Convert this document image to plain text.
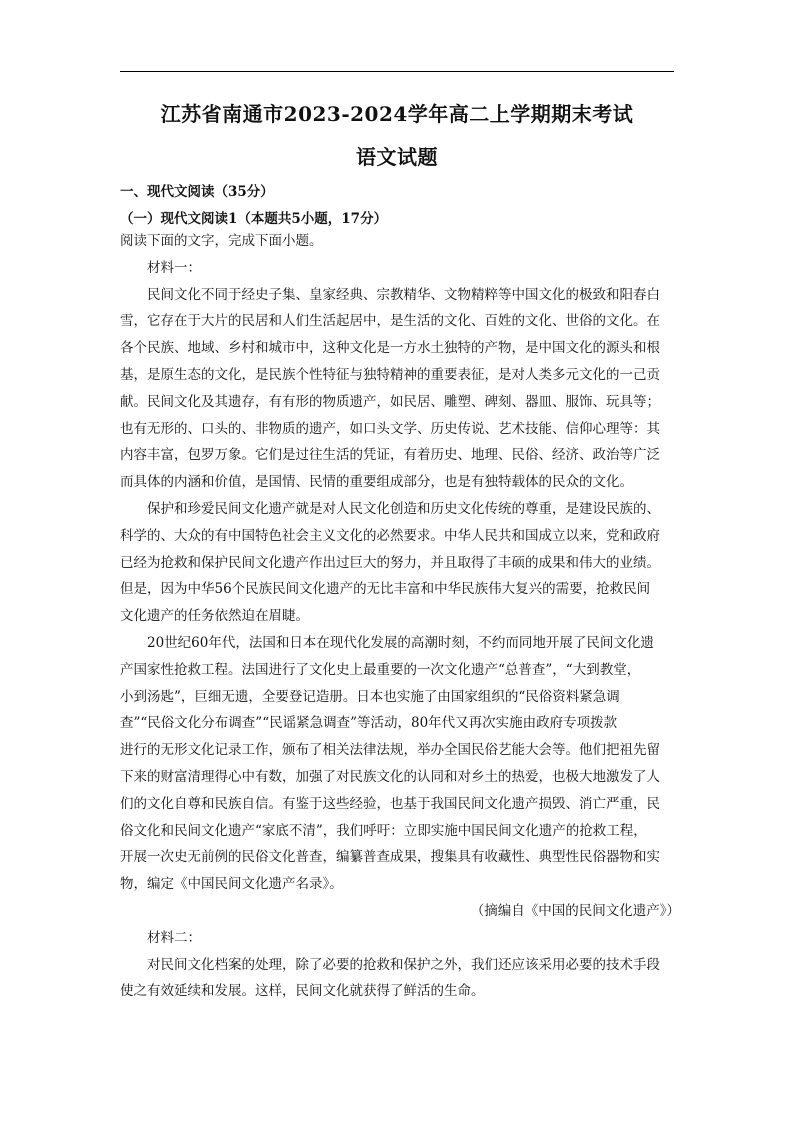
江苏省南通市2023-2024学年高二上学期期末考试
语文试题
一、现代文阅读（35分）
（一）现代文阅读1（本题共5小题，17分）
阅读下面的文字，完成下面小题。
材料一：
民间文化不同于经史子集、皇家经典、宗教精华、文物精粹等中国文化的极致和阳春白
雪，它存在于大片的民居和人们生活起居中，是生活的文化、百姓的文化、世俗的文化。在
各个民族、地域、乡村和城市中，这种文化是一方水土独特的产物，是中国文化的源头和根
基，是原生态的文化，是民族个性特征与独特精神的重要表征，是对人类多元文化的一己贡
献。民间文化及其遗存，有有形的物质遗产，如民居、雕塑、碑刻、器皿、服饰、玩具等；
也有无形的、口头的、非物质的遗产，如口头文学、历史传说、艺术技能、信仰心理等：其
内容丰富，包罗万象。它们是过往生活的凭证，有着历史、地理、民俗、经济、政治等广泛
而具体的内涵和价值，是国情、民情的重要组成部分，也是有独特载体的民众的文化。
保护和珍爱民间文化遗产就是对人民文化创造和历史文化传统的尊重，是建设民族的、
科学的、大众的有中国特色社会主义文化的必然要求。中华人民共和国成立以来，党和政府
已经为抢救和保护民间文化遗产作出过巨大的努力，并且取得了丰硕的成果和伟大的业绩。
但是，因为中华56个民族民间文化遗产的无比丰富和中华民族伟大复兴的需要，抢救民间
文化遗产的任务依然迫在眉睫。
20世纪60年代，法国和日本在现代化发展的高潮时刻，不约而同地开展了民间文化遗
产国家性抢救工程。法国进行了文化史上最重要的一次文化遗产“总普查”，“大到教堂，
小到汤匙”，巨细无遗，全要登记造册。日本也实施了由国家组织的“民俗资料紧急调
查”“民俗文化分布调查”“民谣紧急调查”等活动，80年代又再次实施由政府专项拨款
进行的无形文化记录工作，颁布了相关法律法规，举办全国民俗艺能大会等。他们把祖先留
下来的财富清理得心中有数，加强了对民族文化的认同和对乡土的热爱，也极大地激发了人
们的文化自尊和民族自信。有鉴于这些经验，也基于我国民间文化遗产损毁、消亡严重，民
俗文化和民间文化遗产“家底不清”，我们呼吁：立即实施中国民间文化遗产的抢救工程，
开展一次史无前例的民俗文化普查，编纂普查成果，搜集具有收藏性、典型性民俗器物和实
物，编定《中国民间文化遗产名录》。
（摘编自《中国的民间文化遗产》）
材料二：
对民间文化档案的处理，除了必要的抢救和保护之外，我们还应该采用必要的技术手段
使之有效延续和发展。这样，民间文化就获得了鲜活的生命。
